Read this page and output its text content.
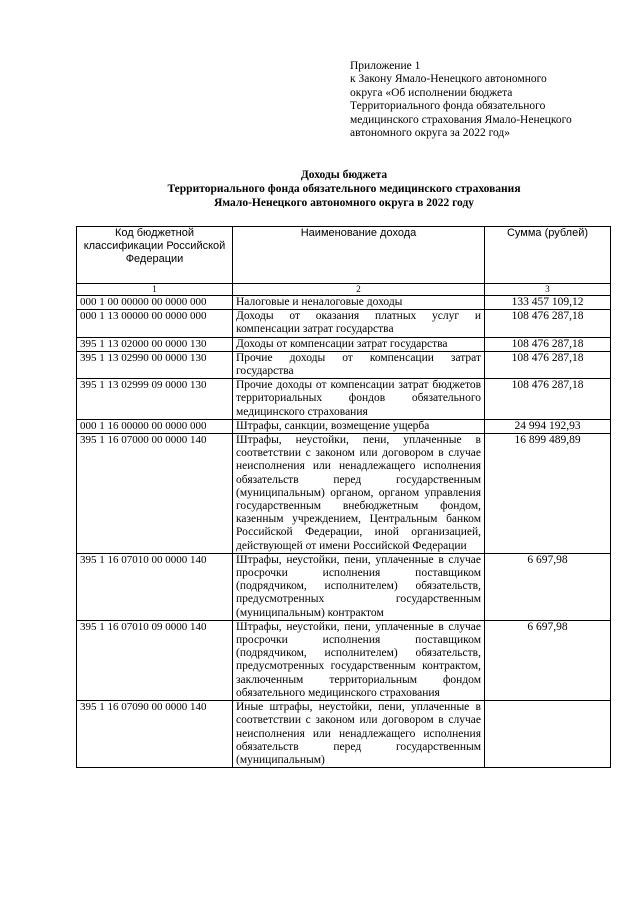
Приложение 1
к Закону Ямало-Ненецкого автономного
округа «Об исполнении бюджета
Территориального фонда обязательного
медицинского страхования Ямало-Ненецкого
автономного округа за 2022 год»
Доходы бюджета
Территориального фонда обязательного медицинского страхования
Ямало-Ненецкого автономного округа в 2022 году
Код бюджетной классификации Российской Федерации	Наименование дохода	Сумма (рублей)
1	2	3
000 1 00 00000 00 0000 000	Налоговые и неналоговые доходы	133 457 109,12
000 1 13 00000 00 0000 000	Доходы от оказания платных услуг и компенсации затрат государства	108 476 287,18
395 1 13 02000 00 0000 130	Доходы от компенсации затрат государства	108 476 287,18
395 1 13 02990 00 0000 130	Прочие доходы от компенсации затрат государства	108 476 287,18
395 1 13 02999 09 0000 130	Прочие доходы от компенсации затрат бюджетов территориальных фондов обязательного медицинского страхования	108 476 287,18
000 1 16 00000 00 0000 000	Штрафы, санкции, возмещение ущерба	24 994 192,93
395 1 16 07000 00 0000 140	Штрафы, неустойки, пени, уплаченные в соответствии с законом или договором в случае неисполнения или ненадлежащего исполнения обязательств перед государственным (муниципальным) органом, органом управления государственным внебюджетным фондом, казенным учреждением, Центральным банком Российской Федерации, иной организацией, действующей от имени Российской Федерации	16 899 489,89
395 1 16 07010 00 0000 140	Штрафы, неустойки, пени, уплаченные в случае просрочки исполнения поставщиком (подрядчиком, исполнителем) обязательств, предусмотренных государственным (муниципальным) контрактом	6 697,98
395 1 16 07010 09 0000 140	Штрафы, неустойки, пени, уплаченные в случае просрочки исполнения поставщиком (подрядчиком, исполнителем) обязательств, предусмотренных государственным контрактом, заключенным территориальным фондом обязательного медицинского страхования	6 697,98
395 1 16 07090 00 0000 140	Иные штрафы, неустойки, пени, уплаченные в соответствии с законом или договором в случае неисполнения или ненадлежащего исполнения обязательств перед государственным (муниципальным)	
